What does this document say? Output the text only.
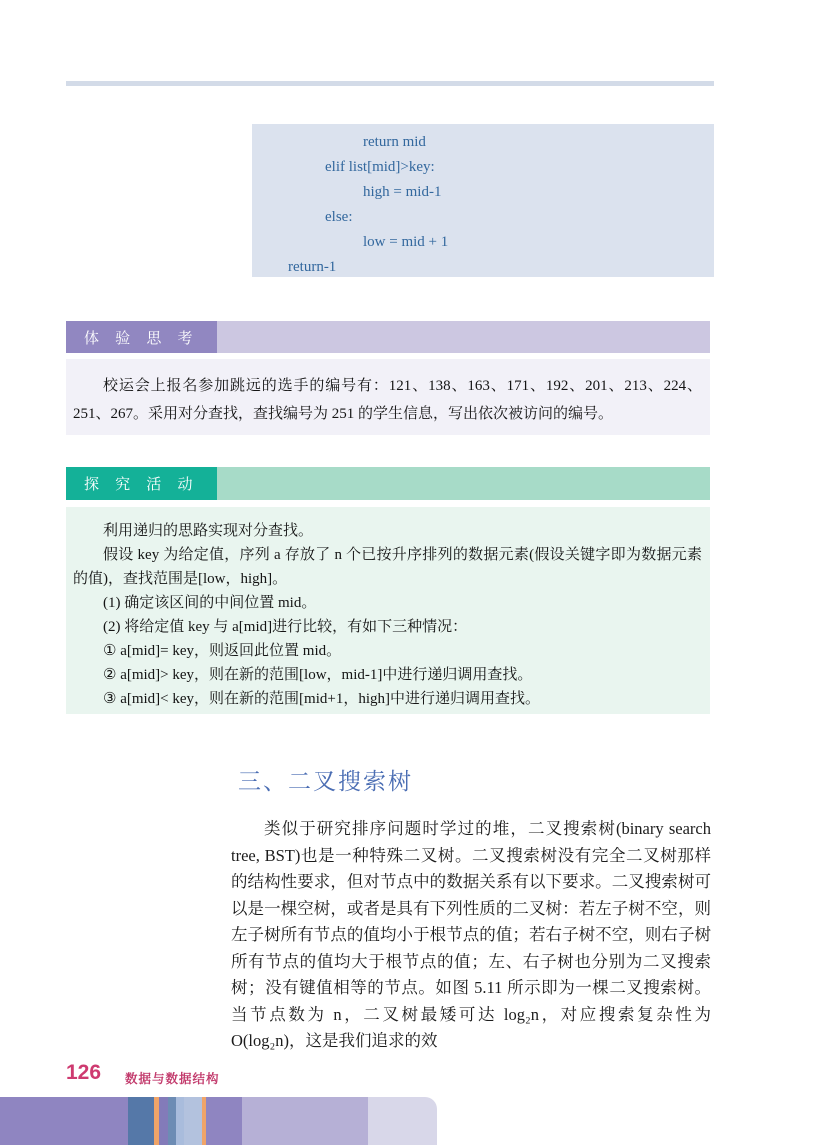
return mid
elif list[mid]>key:
high = mid-1
else:
low = mid + 1
return-1
体 验 思 考

校运会上报名参加跳远的选手的编号有：121、138、163、171、192、201、213、224、251、267。采用对分查找，查找编号为 251 的学生信息，写出依次被访问的编号。

探 究 活 动

利用递归的思路实现对分查找。

假设 key 为给定值，序列 a 存放了 n 个已按升序排列的数据元素(假设关键字即为数据元素的值)，查找范围是[low，high]。

(1) 确定该区间的中间位置 mid。

(2) 将给定值 key 与 a[mid]进行比较，有如下三种情况：

① a[mid]= key，则返回此位置 mid。

② a[mid]> key，则在新的范围[low，mid-1]中进行递归调用查找。

③ a[mid]< key，则在新的范围[mid+1，high]中进行递归调用查找。

三、二叉搜索树

类似于研究排序问题时学过的堆，二叉搜索树(binary search tree, BST)也是一种特殊二叉树。二叉搜索树没有完全二叉树那样的结构性要求，但对节点中的数据关系有以下要求。二叉搜索树可以是一棵空树，或者是具有下列性质的二叉树：若左子树不空，则左子树所有节点的值均小于根节点的值；若右子树不空，则右子树所有节点的值均大于根节点的值；左、右子树也分别为二叉搜索树；没有键值相等的节点。如图 5.11 所示即为一棵二叉搜索树。当节点数为 n，二叉树最矮可达 log₂n，对应搜索复杂性为 O(log₂n)，这是我们追求的效

126 数据与数据结构
